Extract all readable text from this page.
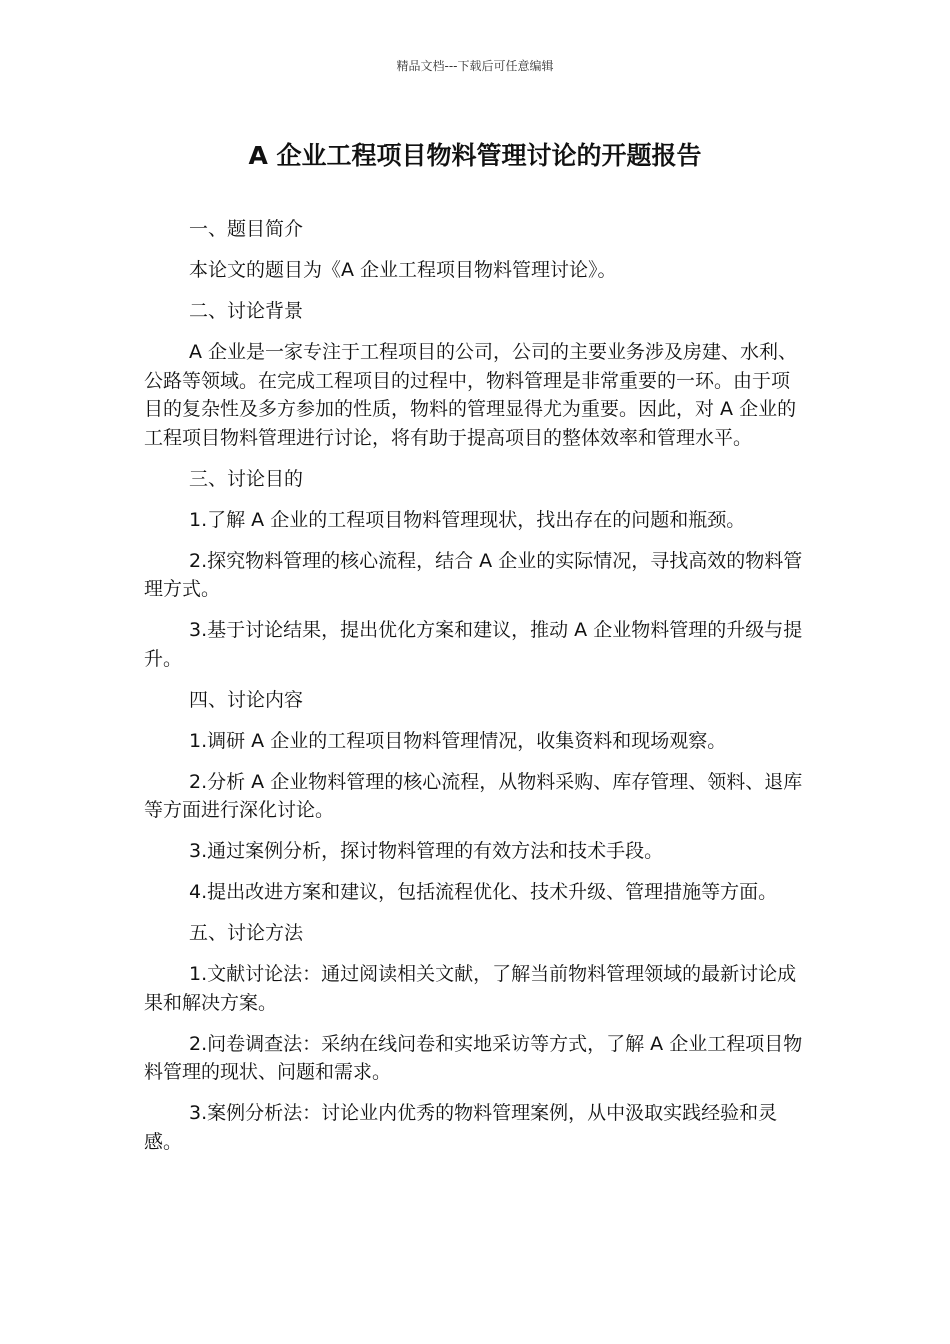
精品文档---下载后可任意编辑
A 企业工程项目物料管理讨论的开题报告

一、题目简介

本论文的题目为《A 企业工程项目物料管理讨论》。

二、讨论背景

A 企业是一家专注于工程项目的公司，公司的主要业务涉及房建、水利、公路等领域。在完成工程项目的过程中，物料管理是非常重要的一环。由于项目的复杂性及多方参加的性质，物料的管理显得尤为重要。因此，对 A 企业的工程项目物料管理进行讨论，将有助于提高项目的整体效率和管理水平。

三、讨论目的

1.了解 A 企业的工程项目物料管理现状，找出存在的问题和瓶颈。

2.探究物料管理的核心流程，结合 A 企业的实际情况，寻找高效的物料管理方式。

3.基于讨论结果，提出优化方案和建议，推动 A 企业物料管理的升级与提升。

四、讨论内容

1.调研 A 企业的工程项目物料管理情况，收集资料和现场观察。

2.分析 A 企业物料管理的核心流程，从物料采购、库存管理、领料、退库等方面进行深化讨论。

3.通过案例分析，探讨物料管理的有效方法和技术手段。

4.提出改进方案和建议，包括流程优化、技术升级、管理措施等方面。

五、讨论方法

1.文献讨论法：通过阅读相关文献，了解当前物料管理领域的最新讨论成果和解决方案。

2.问卷调查法：采纳在线问卷和实地采访等方式，了解 A 企业工程项目物料管理的现状、问题和需求。

3.案例分析法：讨论业内优秀的物料管理案例，从中汲取实践经验和灵感。
